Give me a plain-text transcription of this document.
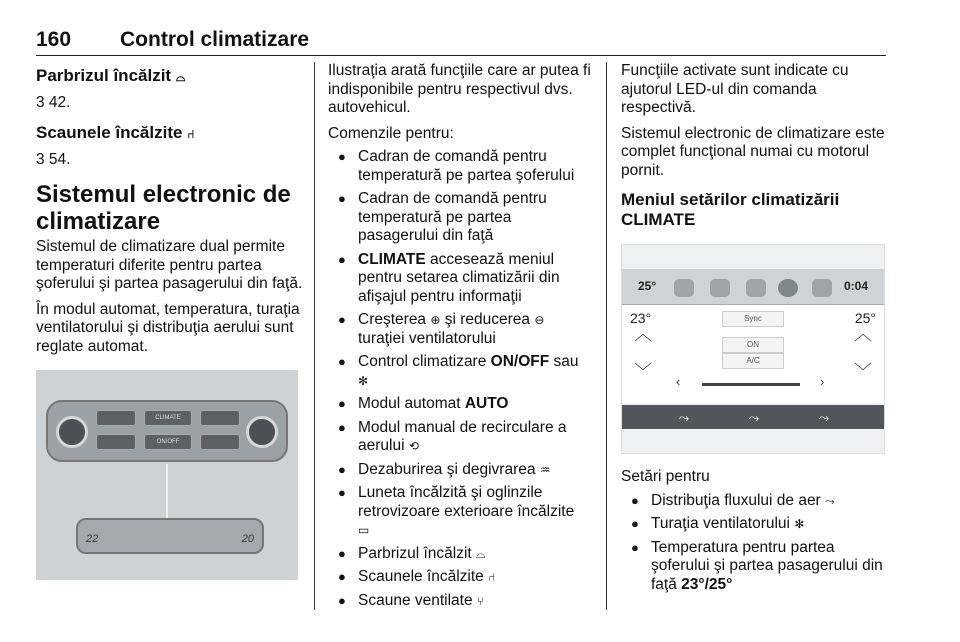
160 Control climatizare
Parbrizul încălzit ⌓
3 42.
Scaunele încălzite ⑁
3 54.
Sistemul electronic de climatizare
Sistemul de climatizare dual permite temperaturi diferite pentru partea şoferului şi partea pasagerului din faţă.
În modul automat, temperatura, turaţia ventilatorului şi distribuţia aerului sunt reglate automat.
CLIMATE
ON/OFF
22	20
Ilustraţia arată funcţiile care ar putea fi indisponibile pentru respectivul dvs. autovehicul.
Comenzile pentru:
● Cadran de comandă pentru temperatură pe partea şoferului
● Cadran de comandă pentru temperatură pe partea pasagerului din faţă
● CLIMATE accesează meniul pentru setarea climatizării din afişajul pentru informaţii
● Creşterea ⊕ şi reducerea ⊖ turaţiei ventilatorului
● Control climatizare ON/OFF sau
✻
● Modul automat AUTO
● Modul manual de recirculare a aerului ⟲
● Dezaburirea şi degivrarea ♒
● Luneta încălzită şi oglinzile retrovizoare exterioare încălzite
▭
● Parbrizul încălzit ⌓
● Scaunele încălzite ⑁
● Scaune ventilate ⑂
Funcţiile activate sunt indicate cu ajutorul LED-ul din comanda respectivă.
Sistemul electronic de climatizare este complet funcţional numai cu motorul pornit.
Meniul setărilor climatizării CLIMATE
25°	0:04
23°	25°
︿
﹀
︿
﹀
Sync
ON
A/C
‹	›
⤳	⤳	⤳
Setări pentru
● Distribuţia fluxului de aer ⤳
● Turaţia ventilatorului ✻
● Temperatura pentru partea şoferului şi partea pasagerului din faţă 23°/25°
